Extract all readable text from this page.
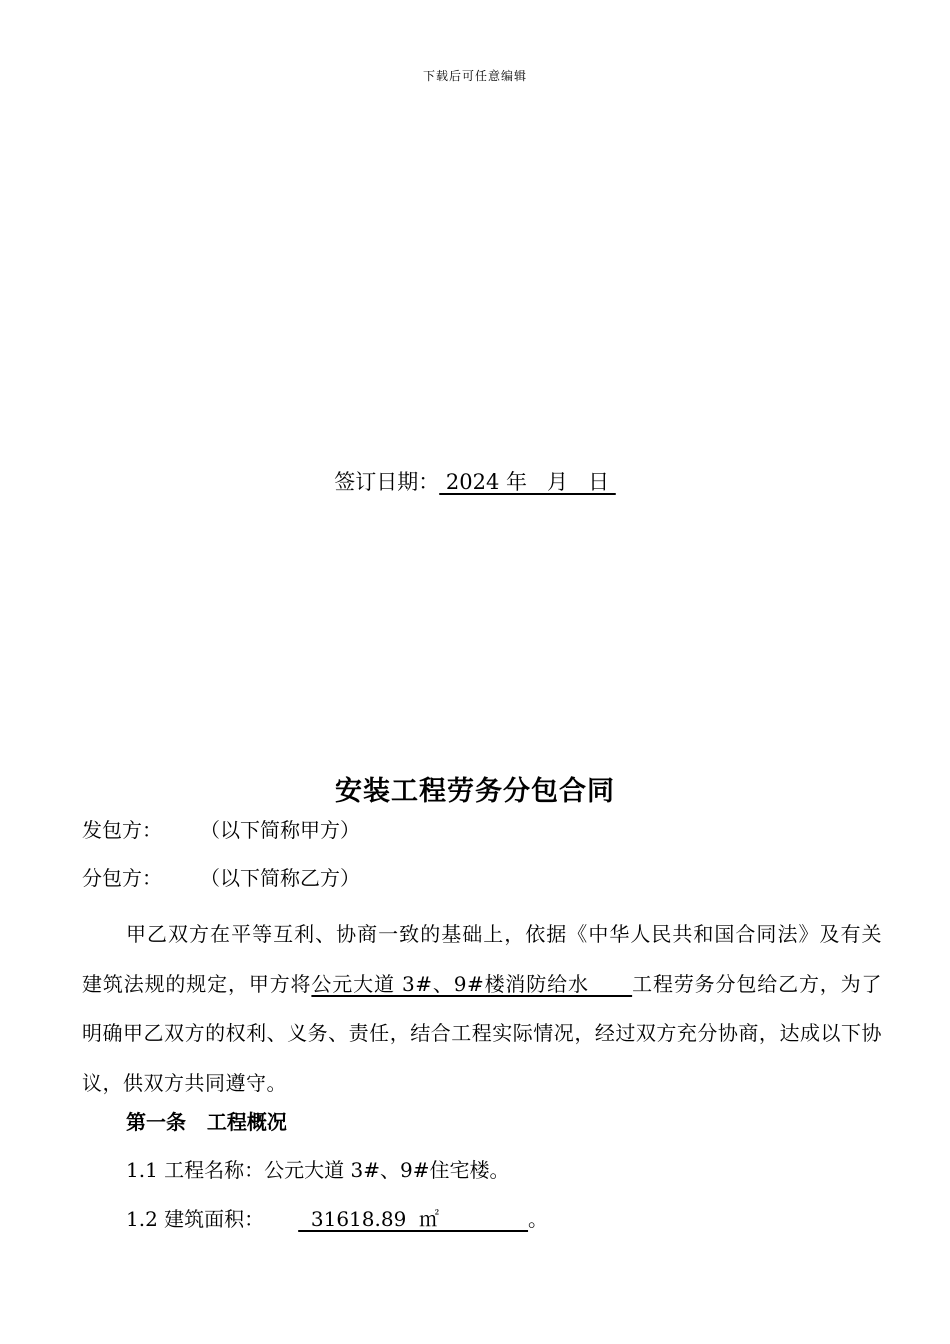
下载后可任意编辑
签订日期： 2024 年   月   日
安装工程劳务分包合同
发包方： （以下简称甲方）
分包方： （以下简称乙方）
甲乙双方在平等互利、协商一致的基础上，依据《中华人民共和国合同法》及有关建筑法规的规定，甲方将公元大道 3#、9#楼消防给水      工程劳务分包给乙方，为了明确甲乙双方的权利、义务、责任，结合工程实际情况，经过双方充分协商，达成以下协议，供双方共同遵守。
第一条   工程概况
1.1 工程名称：公元大道 3#、9#住宅楼。
1.2 建筑面积：  31618.89  ㎡              。
